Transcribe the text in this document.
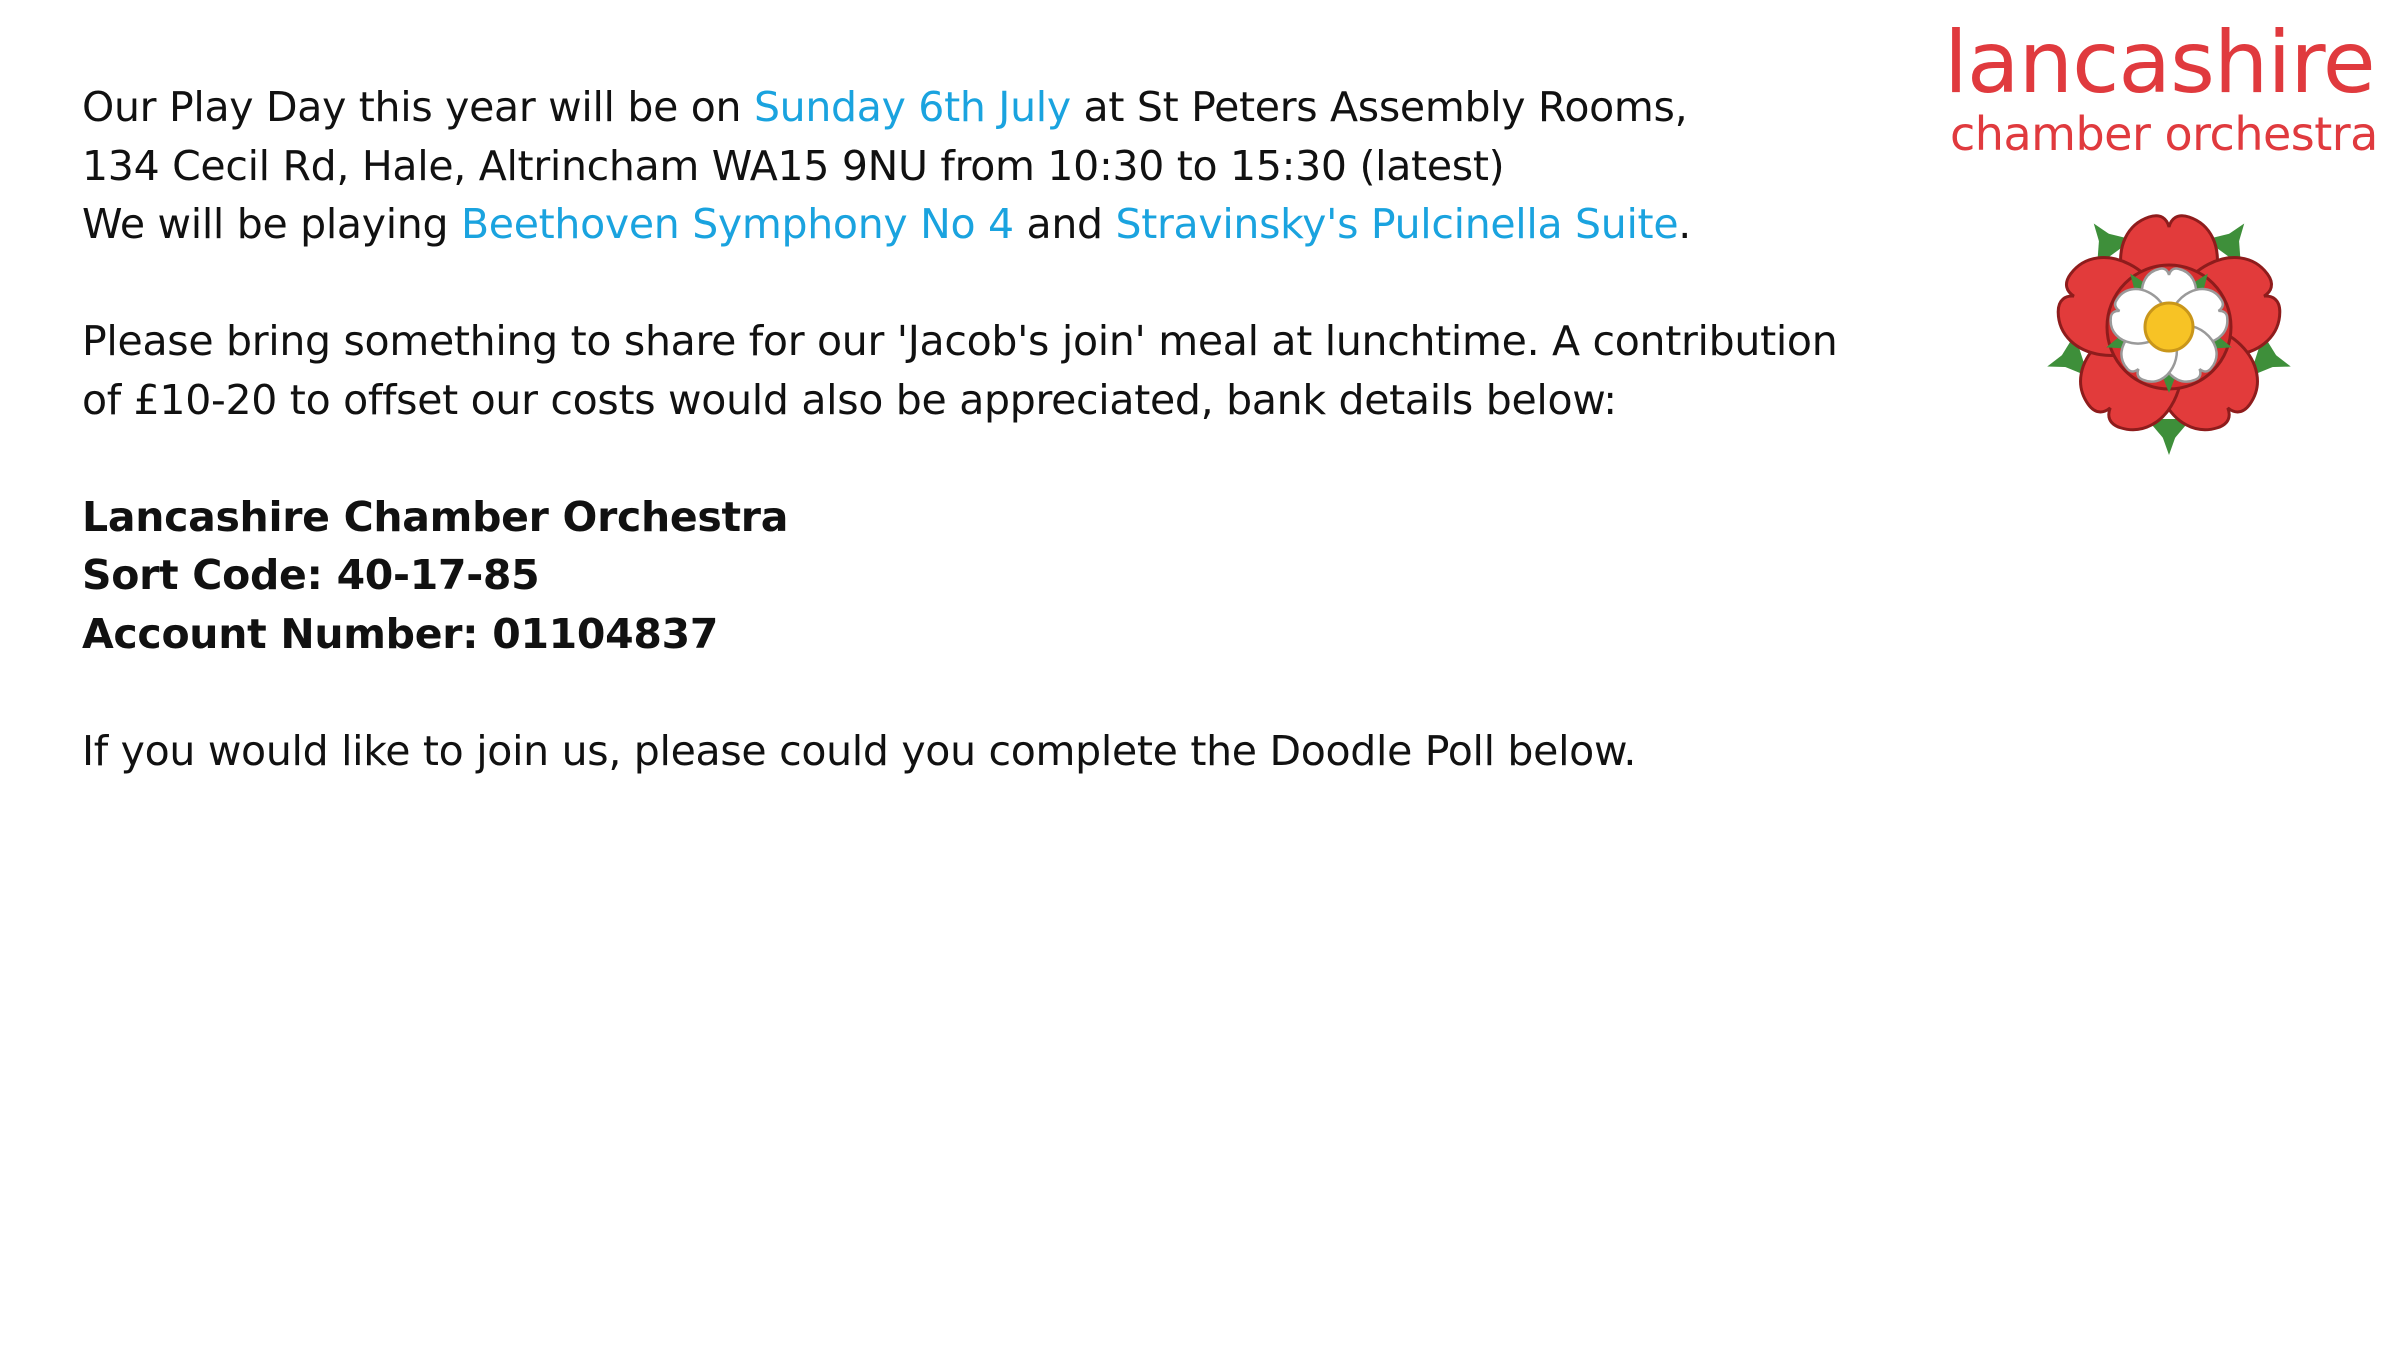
Our Play Day this year will be on Sunday 6th July at St Peters Assembly Rooms,
134 Cecil Rd, Hale, Altrincham WA15 9NU from 10:30 to 15:30 (latest)
We will be playing Beethoven Symphony No 4 and Stravinsky's Pulcinella Suite.
Please bring something to share for our 'Jacob's join' meal at lunchtime. A contribution
of £10-20 to offset our costs would also be appreciated, bank details below:
Lancashire Chamber Orchestra
Sort Code: 40-17-85
Account Number: 01104837
If you would like to join us, please could you complete the Doodle Poll below.
lancashire
chamber orchestra
